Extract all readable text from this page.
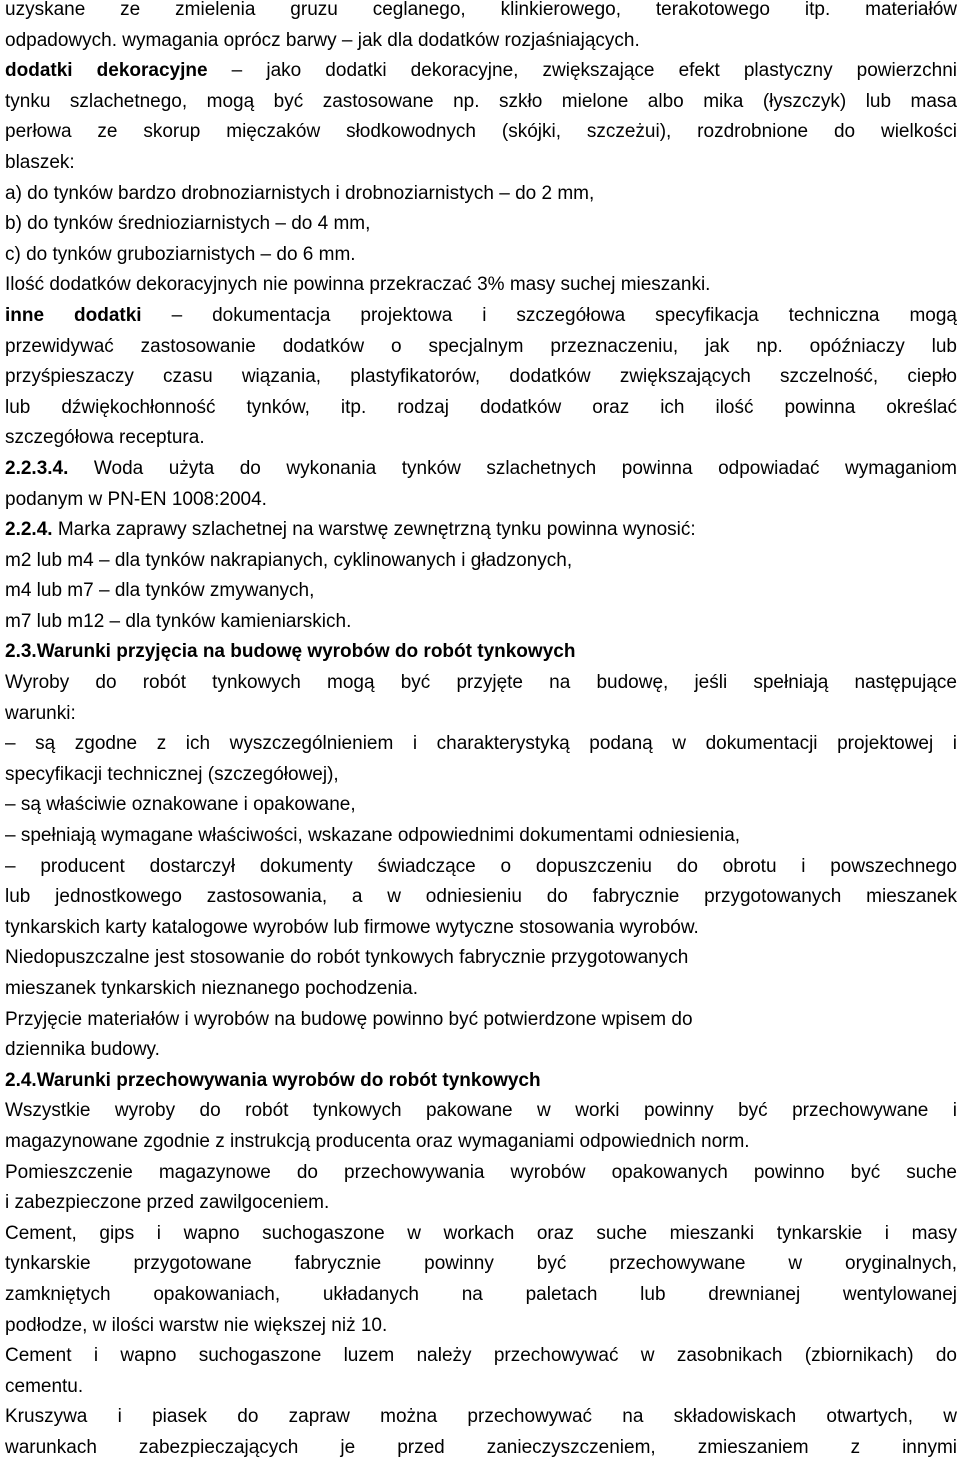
uzyskane ze zmielenia gruzu ceglanego, klinkierowego, terakotowego itp. materiałów
odpadowych. wymagania oprócz barwy – jak dla dodatków rozjaśniających.
dodatki dekoracyjne – jako dodatki dekoracyjne, zwiększające efekt plastyczny powierzchni
tynku szlachetnego, mogą być zastosowane np. szkło mielone albo mika (łyszczyk) lub masa
perłowa ze skorup mięczaków słodkowodnych (skójki, szczeżui), rozdrobnione do wielkości
blaszek:
a) do tynków bardzo drobnoziarnistych i drobnoziarnistych – do 2 mm,
b) do tynków średnioziarnistych – do 4 mm,
c) do tynków gruboziarnistych – do 6 mm.
Ilość dodatków dekoracyjnych nie powinna przekraczać 3% masy suchej mieszanki.
inne dodatki – dokumentacja projektowa i szczegółowa specyfikacja techniczna mogą
przewidywać zastosowanie dodatków o specjalnym przeznaczeniu, jak np. opóźniaczy lub
przyśpieszaczy czasu wiązania, plastyfikatorów, dodatków zwiększających szczelność, ciepło
lub dźwiękochłonność tynków, itp. rodzaj dodatków oraz ich ilość powinna określać
szczegółowa receptura.
2.2.3.4. Woda użyta do wykonania tynków szlachetnych powinna odpowiadać wymaganiom
podanym w PN-EN 1008:2004.
2.2.4. Marka zaprawy szlachetnej na warstwę zewnętrzną tynku powinna wynosić:
m2 lub m4 – dla tynków nakrapianych, cyklinowanych i gładzonych,
m4 lub m7 – dla tynków zmywanych,
m7 lub m12 – dla tynków kamieniarskich.
2.3.Warunki przyjęcia na budowę wyrobów do robót tynkowych
Wyroby do robót tynkowych mogą być przyjęte na budowę, jeśli spełniają następujące
warunki:
– są zgodne z ich wyszczególnieniem i charakterystyką podaną w dokumentacji projektowej i
specyfikacji technicznej (szczegółowej),
– są właściwie oznakowane i opakowane,
– spełniają wymagane właściwości, wskazane odpowiednimi dokumentami odniesienia,
– producent dostarczył dokumenty świadczące o dopuszczeniu do obrotu i powszechnego
lub jednostkowego zastosowania, a w odniesieniu do fabrycznie przygotowanych mieszanek
tynkarskich karty katalogowe wyrobów lub firmowe wytyczne stosowania wyrobów.
Niedopuszczalne jest stosowanie do robót tynkowych fabrycznie przygotowanych
mieszanek tynkarskich nieznanego pochodzenia.
Przyjęcie materiałów i wyrobów na budowę powinno być potwierdzone wpisem do
dziennika budowy.
2.4.Warunki przechowywania wyrobów do robót tynkowych
Wszystkie wyroby do robót tynkowych pakowane w worki powinny być przechowywane i
magazynowane zgodnie z instrukcją producenta oraz wymaganiami odpowiednich norm.
Pomieszczenie magazynowe do przechowywania wyrobów opakowanych powinno być suche
i zabezpieczone przed zawilgoceniem.
Cement, gips i wapno suchogaszone w workach oraz suche mieszanki tynkarskie i masy
tynkarskie przygotowane fabrycznie powinny być przechowywane w oryginalnych,
zamkniętych opakowaniach, układanych na paletach lub drewnianej wentylowanej
podłodze, w ilości warstw nie większej niż 10.
Cement i wapno suchogaszone luzem należy przechowywać w zasobnikach (zbiornikach) do
cementu.
Kruszywa i piasek do zapraw można przechowywać na składowiskach otwartych, w
warunkach zabezpieczających je przed zanieczyszczeniem, zmieszaniem z innymi
